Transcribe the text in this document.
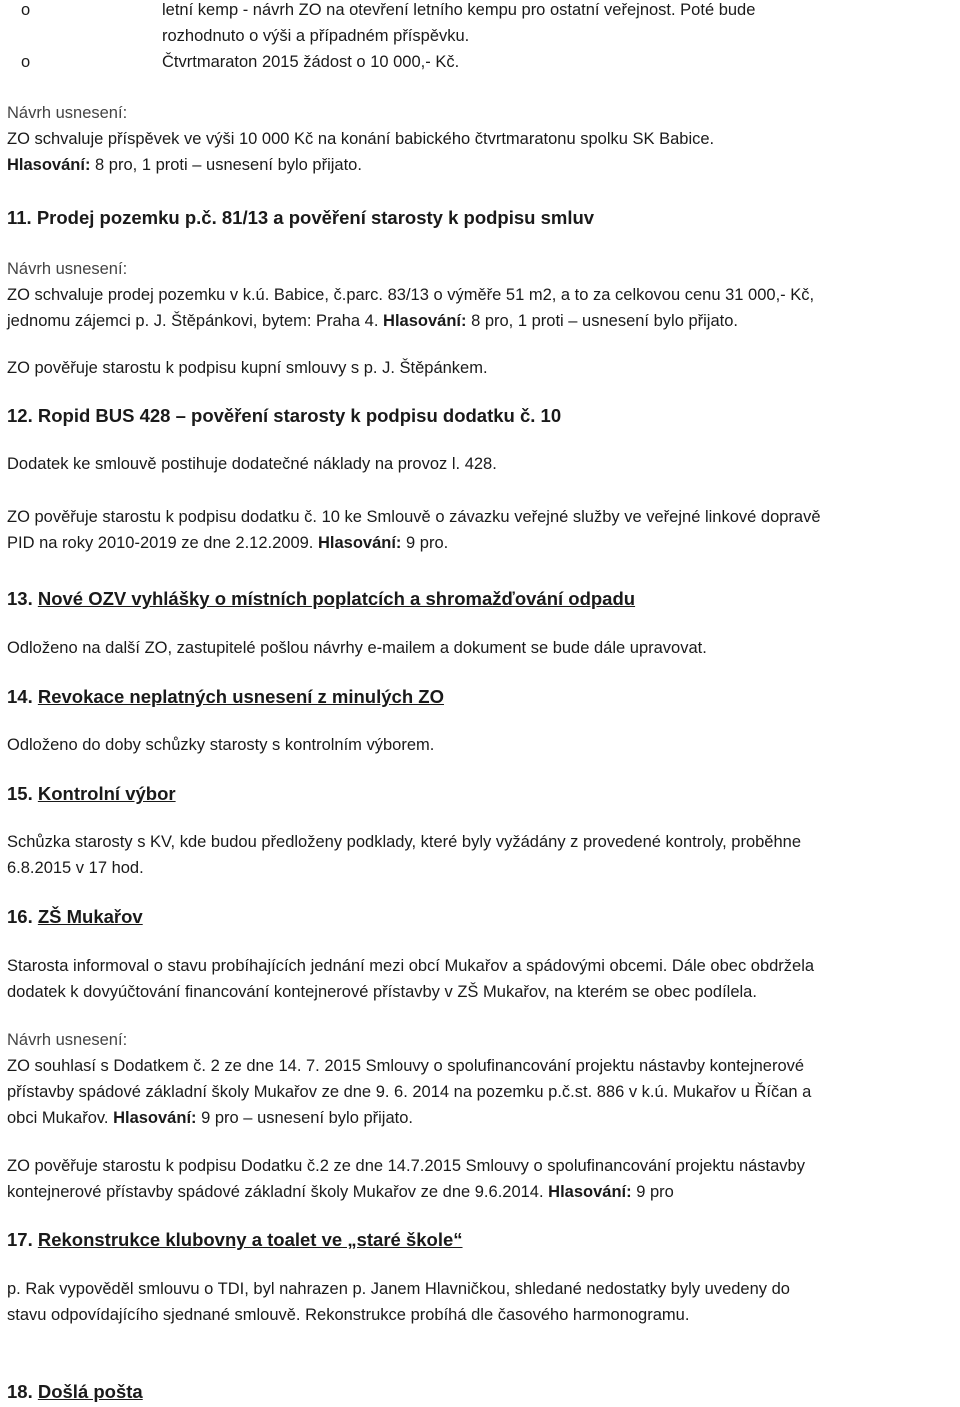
o	letní kemp - návrh ZO na otevření letního kempu pro ostatní veřejnost. Poté bude
rozhodnuto o výši a případném příspěvku.
o	Čtvrtmaraton 2015 žádost o 10 000,- Kč.
Návrh usnesení:
ZO schvaluje příspěvek ve výši 10 000 Kč na konání babického čtvrtmaratonu spolku SK Babice.
Hlasování: 8 pro, 1 proti – usnesení bylo přijato.
11. Prodej pozemku p.č. 81/13 a pověření starosty k podpisu smluv
Návrh usnesení:
ZO schvaluje prodej pozemku v k.ú. Babice, č.parc. 83/13 o výměře 51 m2, a to za celkovou cenu 31 000,- Kč,
jednomu zájemci p. J. Štěpánkovi, bytem: Praha 4. Hlasování: 8 pro, 1 proti – usnesení bylo přijato.
ZO pověřuje starostu k podpisu kupní smlouvy s p. J. Štěpánkem.
12. Ropid BUS 428 – pověření starosty k podpisu dodatku č. 10
Dodatek ke smlouvě postihuje dodatečné náklady na provoz l. 428.
ZO pověřuje starostu k podpisu dodatku č. 10 ke Smlouvě o závazku veřejné služby ve veřejné linkové dopravě
PID na roky 2010-2019 ze dne 2.12.2009. Hlasování: 9 pro.
13. Nové OZV vyhlášky o místních poplatcích a shromažďování odpadu
Odloženo na další ZO, zastupitelé pošlou návrhy e-mailem a dokument se bude dále upravovat.
14. Revokace neplatných usnesení z minulých ZO
Odloženo do doby schůzky starosty s kontrolním výborem.
15. Kontrolní výbor
Schůzka starosty s KV, kde budou předloženy podklady, které byly vyžádány z provedené kontroly, proběhne
6.8.2015 v 17 hod.
16. ZŠ Mukařov
Starosta informoval o stavu probíhajících jednání mezi obcí Mukařov a spádovými obcemi. Dále obec obdržela
dodatek k dovyúčtování financování kontejnerové přístavby v ZŠ Mukařov, na kterém se obec podílela.
Návrh usnesení:
ZO souhlasí s Dodatkem č. 2 ze dne 14. 7. 2015 Smlouvy o spolufinancování projektu nástavby kontejnerové
přístavby spádové základní školy Mukařov ze dne 9. 6. 2014 na pozemku p.č.st. 886 v k.ú. Mukařov u Říčan a
obci Mukařov. Hlasování: 9 pro – usnesení bylo přijato.
ZO pověřuje starostu k podpisu Dodatku č.2 ze dne 14.7.2015 Smlouvy o spolufinancování projektu nástavby
kontejnerové přístavby spádové základní školy Mukařov ze dne 9.6.2014. Hlasování: 9 pro
17. Rekonstrukce klubovny a toalet ve „staré škole“
p. Rak vypověděl smlouvu o TDI, byl nahrazen p. Janem Hlavničkou, shledané nedostatky byly uvedeny do
stavu odpovídajícího sjednané smlouvě. Rekonstrukce probíhá dle časového harmonogramu.
18. Došlá pošta
